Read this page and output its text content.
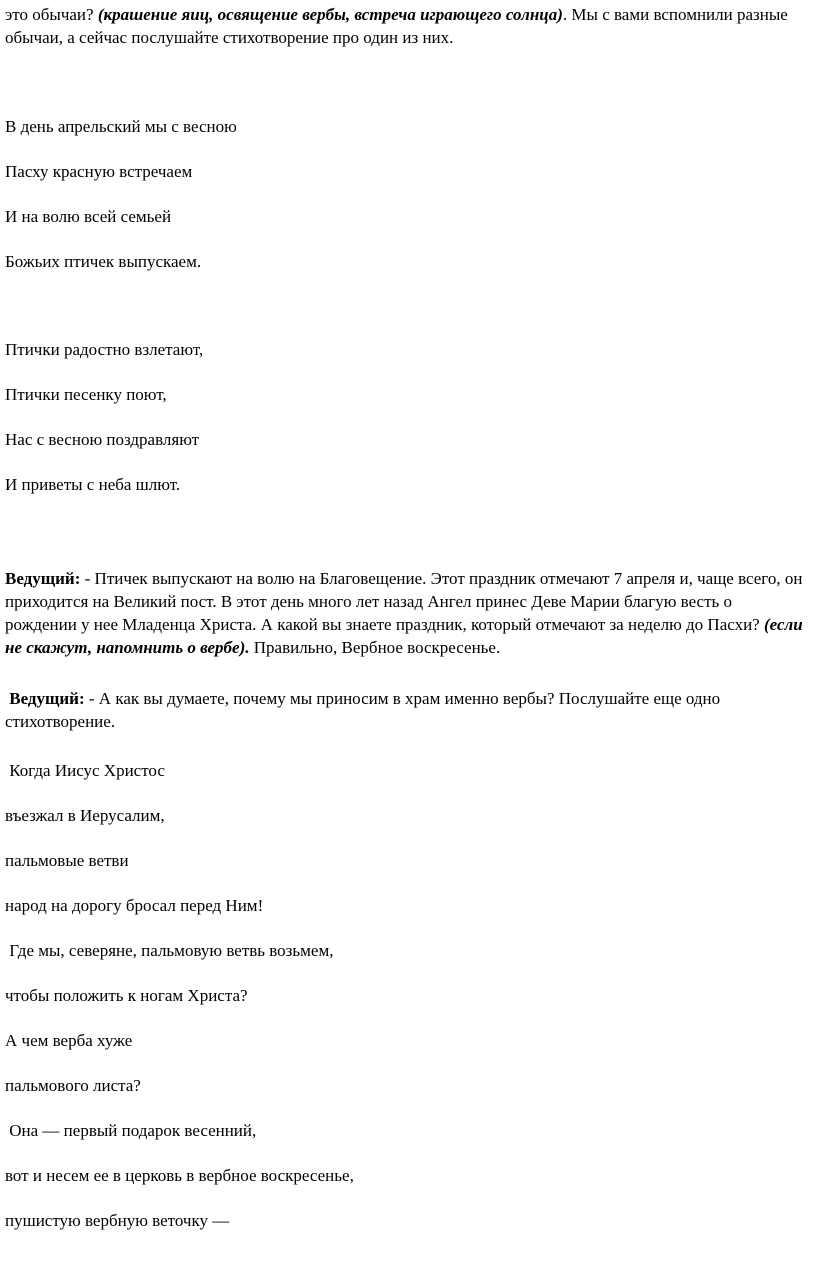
это обычаи? (крашение яиц, освящение вербы, встреча играющего солнца). Мы с вами вспомнили разные обычаи, а сейчас послушайте стихотворение про один из них.

В день апрельский мы с весною

Пасху красную встречаем

И на волю всей семьей

Божьих птичек выпускаем.

Птички радостно взлетают,

Птички песенку поют,

Нас с весною поздравляют

И приветы с неба шлют.

Ведущий: - Птичек выпускают на волю на Благовещение. Этот праздник отмечают 7 апреля и, чаще всего, он приходится на Великий пост. В этот день много лет назад Ангел принес Деве Марии благую весть о рождении у нее Младенца Христа. А какой вы знаете праздник, который отмечают за неделю до Пасхи? (если не скажут, напомнить о вербе). Правильно, Вербное воскресенье.

Ведущий: - А как вы думаете, почему мы приносим в храм именно вербы? Послушайте еще одно стихотворение.

Когда Иисус Христос

въезжал в Иерусалим,

пальмовые ветви

народ на дорогу бросал перед Ним!

Где мы, северяне, пальмовую ветвь возьмем,

чтобы положить к ногам Христа?

А чем верба хуже

пальмового листа?

Она — первый подарок весенний,

вот и несем ее в церковь в вербное воскресенье,

пушистую вербную веточку —
